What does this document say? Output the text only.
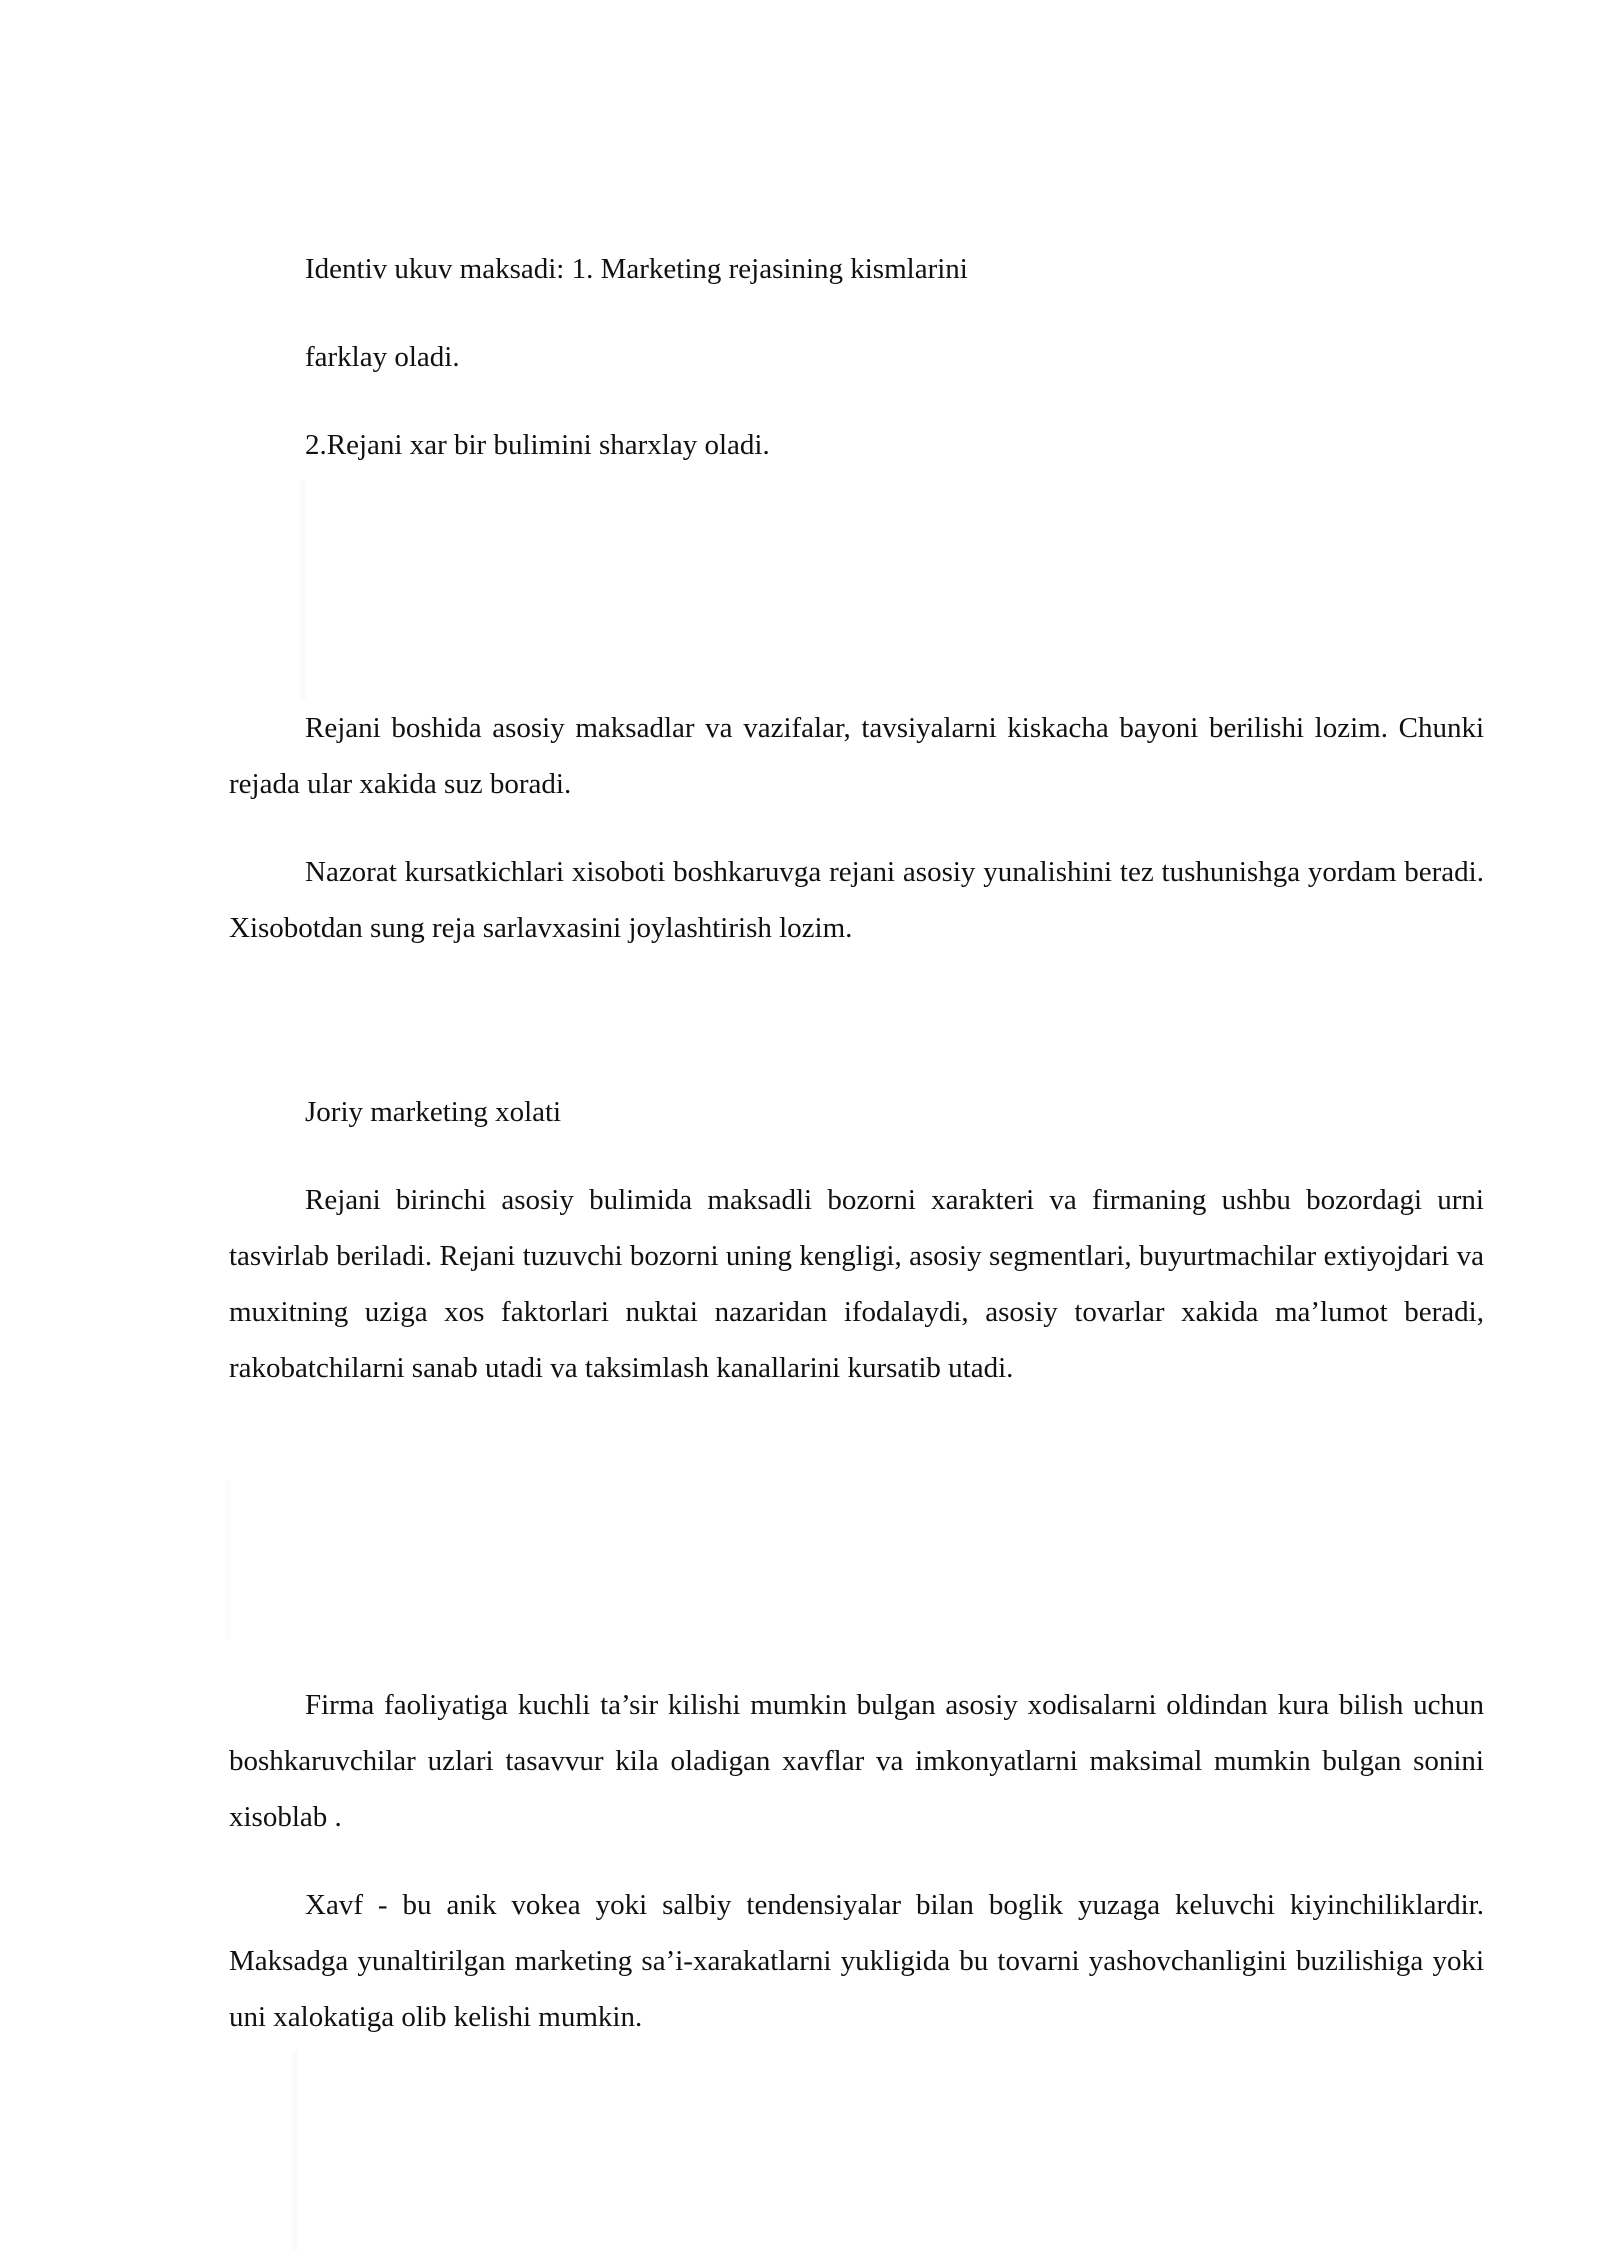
Identiv ukuv maksadi: 1. Marketing rejasining kismlarini

farklay oladi.

2.Rejani xar bir bulimini sharxlay oladi.

Rejani boshida asosiy maksadlar va vazifalar, tavsiyalarni kiskacha bayoni berilishi lozim. Chunki rejada ular xakida suz boradi.

Nazorat kursatkichlari xisoboti boshkaruvga rejani asosiy yunalishini tez tushunishga yordam beradi. Xisobotdan sung reja sarlavxasini joylashtirish lozim.

Joriy marketing xolati

Rejani birinchi asosiy bulimida maksadli bozorni xarakteri va firmaning ushbu bozordagi urni tasvirlab beriladi. Rejani tuzuvchi bozorni uning kengligi, asosiy segmentlari, buyurtmachilar extiyojdari va muxitning uziga xos faktorlari nuktai nazaridan ifodalaydi, asosiy tovarlar xakida ma’lumot beradi, rakobatchilarni sanab utadi va taksimlash kanallarini kursatib utadi.

Firma faoliyatiga kuchli ta’sir kilishi mumkin bulgan asosiy xodisalarni oldindan kura bilish uchun boshkaruvchilar uzlari tasavvur kila oladigan xavflar va imkonyatlarni maksimal mumkin bulgan sonini xisoblab .

Xavf - bu anik vokea yoki salbiy tendensiyalar bilan boglik yuzaga keluvchi kiyinchiliklardir. Maksadga yunaltirilgan marketing sa’i-xarakatlarni yukligida bu tovarni yashovchanligini buzilishiga yoki uni xalokatiga olib kelishi mumkin.
